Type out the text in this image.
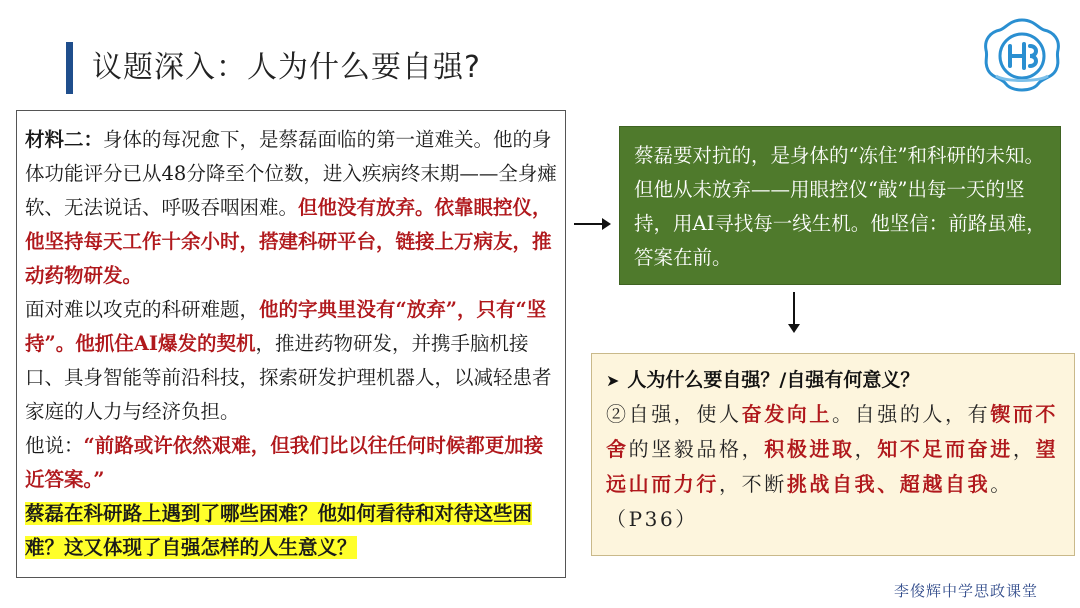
议题深入：人为什么要自强?

材料二：身体的每况愈下，是蔡磊面临的第一道难关。他的身体功能评分已从48分降至个位数，进入疾病终末期——全身瘫软、无法说话、呼吸吞咽困难。但他没有放弃。依靠眼控仪，他坚持每天工作十余小时，搭建科研平台，链接上万病友，推动药物研发。

面对难以攻克的科研难题，他的字典里没有“放弃”，只有“坚持”。他抓住AI爆发的契机，推进药物研发，并携手脑机接口、具身智能等前沿科技，探索研发护理机器人，以减轻患者家庭的人力与经济负担。

他说：“前路或许依然艰难，但我们比以往任何时候都更加接近答案。”

蔡磊在科研路上遇到了哪些困难？他如何看待和对待这些困难？这又体现了自强怎样的人生意义？

蔡磊要对抗的，是身体的“冻住”和科研的未知。但他从未放弃——用眼控仪“敲”出每一天的坚持，用AI寻找每一线生机。他坚信：前路虽难，答案在前。

➤ 人为什么要自强？/自强有何意义？
②自强，使人奋发向上。自强的人，有锲而不舍的坚毅品格，积极进取，知不足而奋进，望远山而力行，不断挑战自我、超越自我。（P36）
李俊辉中学思政课堂
